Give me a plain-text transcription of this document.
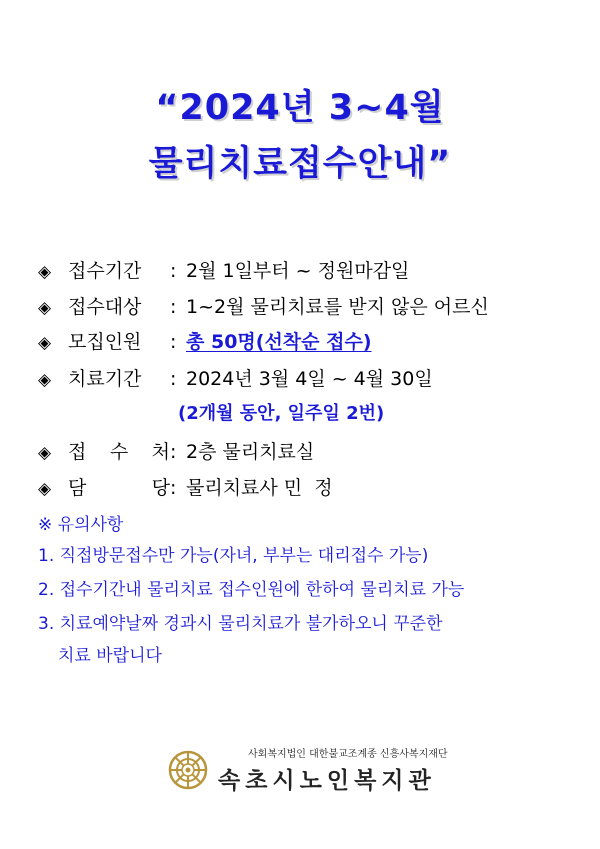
“2024년 3~4월
물리치료접수안내”
◈ 접수기간	: 2월 1일부터 ~ 정원마감일
◈ 접수대상	: 1~2월 물리치료를 받지 않은 어르신
◈ 모집인원	: 총 50명(선착순 접수)
◈ 치료기간	: 2024년 3월 4일 ~ 4월 30일
(2개월 동안, 일주일 2번)
◈ 접 수 처 : 2층 물리치료실
◈ 담	당 : 물리치료사 민  정
※ 유의사항
1. 직접방문접수만 가능(자녀, 부부는 대리접수 가능)
2. 접수기간내 물리치료 접수인원에 한하여 물리치료 가능
3. 치료예약날짜 경과시 물리치료가 불가하오니 꾸준한
치료 바랍니다
사회복지법인 대한불교조계종 신흥사복지재단
속초시노인복지관
